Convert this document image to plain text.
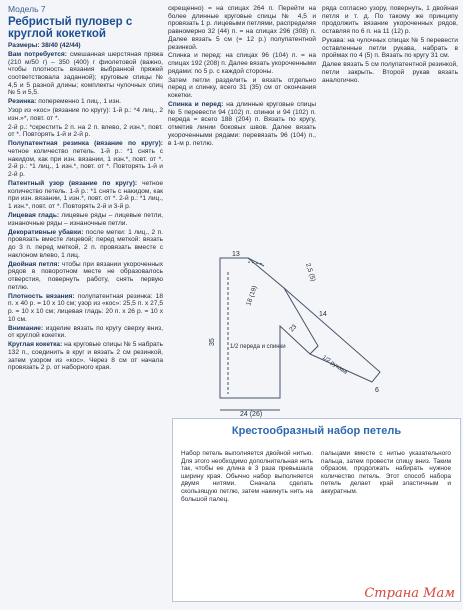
Модель 7
Ребристый пуловер с круглой кокеткой

Размеры: 38/40 (42/44)

Вам потребуется: смешанная шерстяная пряжа (210 м/50 г) – 350 (400) г фиолетовой (важно, чтобы плотность вязания выбранной пряжей соответствовала заданной); круговые спицы № 4,5 и 5 разной длины; комплекты чулочных спиц № 5 и 5,5.

Резинка: попеременно 1 лиц., 1 изн.

Узор из «кос» (вязание по кругу): 1-й р.: *4 лиц., 2 изн.»*, повт. от *.

2-й р.: *скрестить 2 п. на 2 п. влево, 2 изн.*, повт. от *. Повторять 1-й и 2-й р.

Полупатентная резинка (вязание по кругу): четное количество петель. 1-й р.: *1 снять с накидом, как при изн. вязании, 1 изн.*, повт. от *. 2-й р.: *1 лиц., 1 изн.*, повт. от *. Повторять 1-й и 2-й р.

Патентный узор (вязание по кругу): четное количество петель. 1-й р.: *1 снять с накидом, как при изн. вязании, 1 изн.*, повт. от *. 2-й р.: *1 лиц., 1 изн.*, повт. от *. Повторять 2-й и 3-й р.

Лицевая гладь: лицевые ряды – лицевые петли, изнаночные ряды – изнаночные петли.

Декоративные убавки: после метки: 1 лиц., 2 п. провязать вместе лицевой; перед меткой: вязать до 3 п. перед меткой, 2 п. провязать вместе с наклоном влево, 1 лиц.

Двойная петля: чтобы при вязании укороченных рядов в поворотном месте не образовалось отверстия, повернуть работу, снять первую петлю.

Плотность вязания: полупатентная резинка: 18 п. х 40 р. = 10 х 10 см; узор из «кос»: 25,5 п. х 27,5 р. = 10 х 10 см; лицевая гладь: 20 п. х 26 р. = 10 х 10 см.

Внимание: изделие вязать по кругу сверху вниз, от круглой кокетки.

Круглая кокетка: на круговые спицы № 5 набрать 132 п., соединить в круг и вязать 2 см резинкой, затем узором из «кос». Через 8 см от начала провязать 2 р. от наборного края.

скрещенно) = на спицах 264 п. Перейти на более длинные круговые спицы № 4,5 и провязать 1 р. лицевыми петлями, распределяя равномерно 32 (44) п. = на спицах 296 (308) п. Далее вязать 5 см (= 12 р.) полупатентной резинкой.

Спинка и перед: на спицах 96 (104) п. = на спицах 192 (208) п. Далее вязать укороченными рядами: по 5 р. с каждой стороны.

Затем петли разделить и вязать отдельно перед и спинку, всего 31 (35) см от окончания кокетки.

Спинка и перед: на длинные круговые спицы № 5 перевести 94 (102) п. спинки и 94 (102) п. переда = всего 188 (204) п. Вязать по кругу, отметив линии боковых швов. Далее вязать укороченными рядами: перевязать 96 (104) п., в 1-м р. петлю.

ряда согласно узору, повернуть, 1 двойная петля и т. д. По такому же принципу продолжить вязание укороченных рядов, оставляя по 6 п. на 11 (12) р.

Рукава: на чулочных спицах № 5 перевести оставленные петли рукава, набрать в проймах по 4 (5) п. Вязать по кругу 31 см.

Далее вязать 5 см полупатентной резинкой, петли закрыть. Второй рукав вязать аналогично.

13
18 (19)
23
2,5 (5)
35
1/2 переда и спинки
1/2 рукава
24 (26)
6
14
Крестообразный набор петель
Набор петель выполняется двойной нитью. Для этого необходимо дополнительная нить так, чтобы ее длина в 3 раза превышала ширину края. Обычно набор выполняется двумя нитями. Сначала сделать скользящую петлю, затем накинуть нить на большой палец.
пальцами вместе с нитью указательного пальца, затем провести спицу вниз. Таким образом, продолжать набирать нужное количество петель. Этот способ набора петель делает край эластичным и аккуратным.
Страна Мам
